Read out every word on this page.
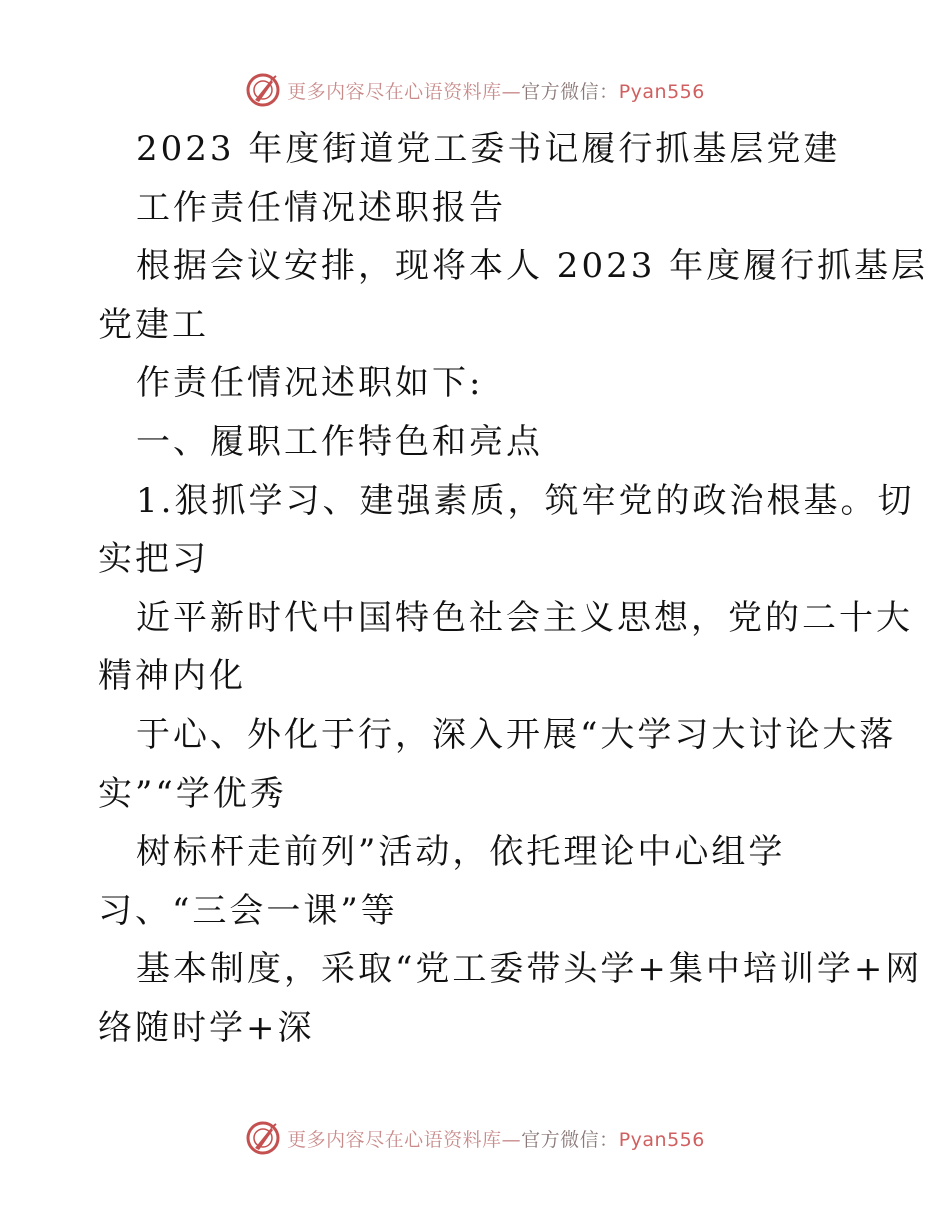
更多内容尽在心语资料库—官方微信：Pyan556
2023 年度街道党工委书记履行抓基层党建
工作责任情况述职报告
根据会议安排，现将本人 2023 年度履行抓基层
党建工
作责任情况述职如下:
一、履职工作特色和亮点
1.狠抓学习、建强素质，筑牢党的政治根基。切
实把习
近平新时代中国特色社会主义思想，党的二十大
精神内化
于心、外化于行，深入开展“大学习大讨论大落
实”“学优秀
树标杆走前列”活动，依托理论中心组学
习、“三会一课”等
基本制度，采取“党工委带头学+集中培训学+网
络随时学+深
更多内容尽在心语资料库—官方微信：Pyan556
